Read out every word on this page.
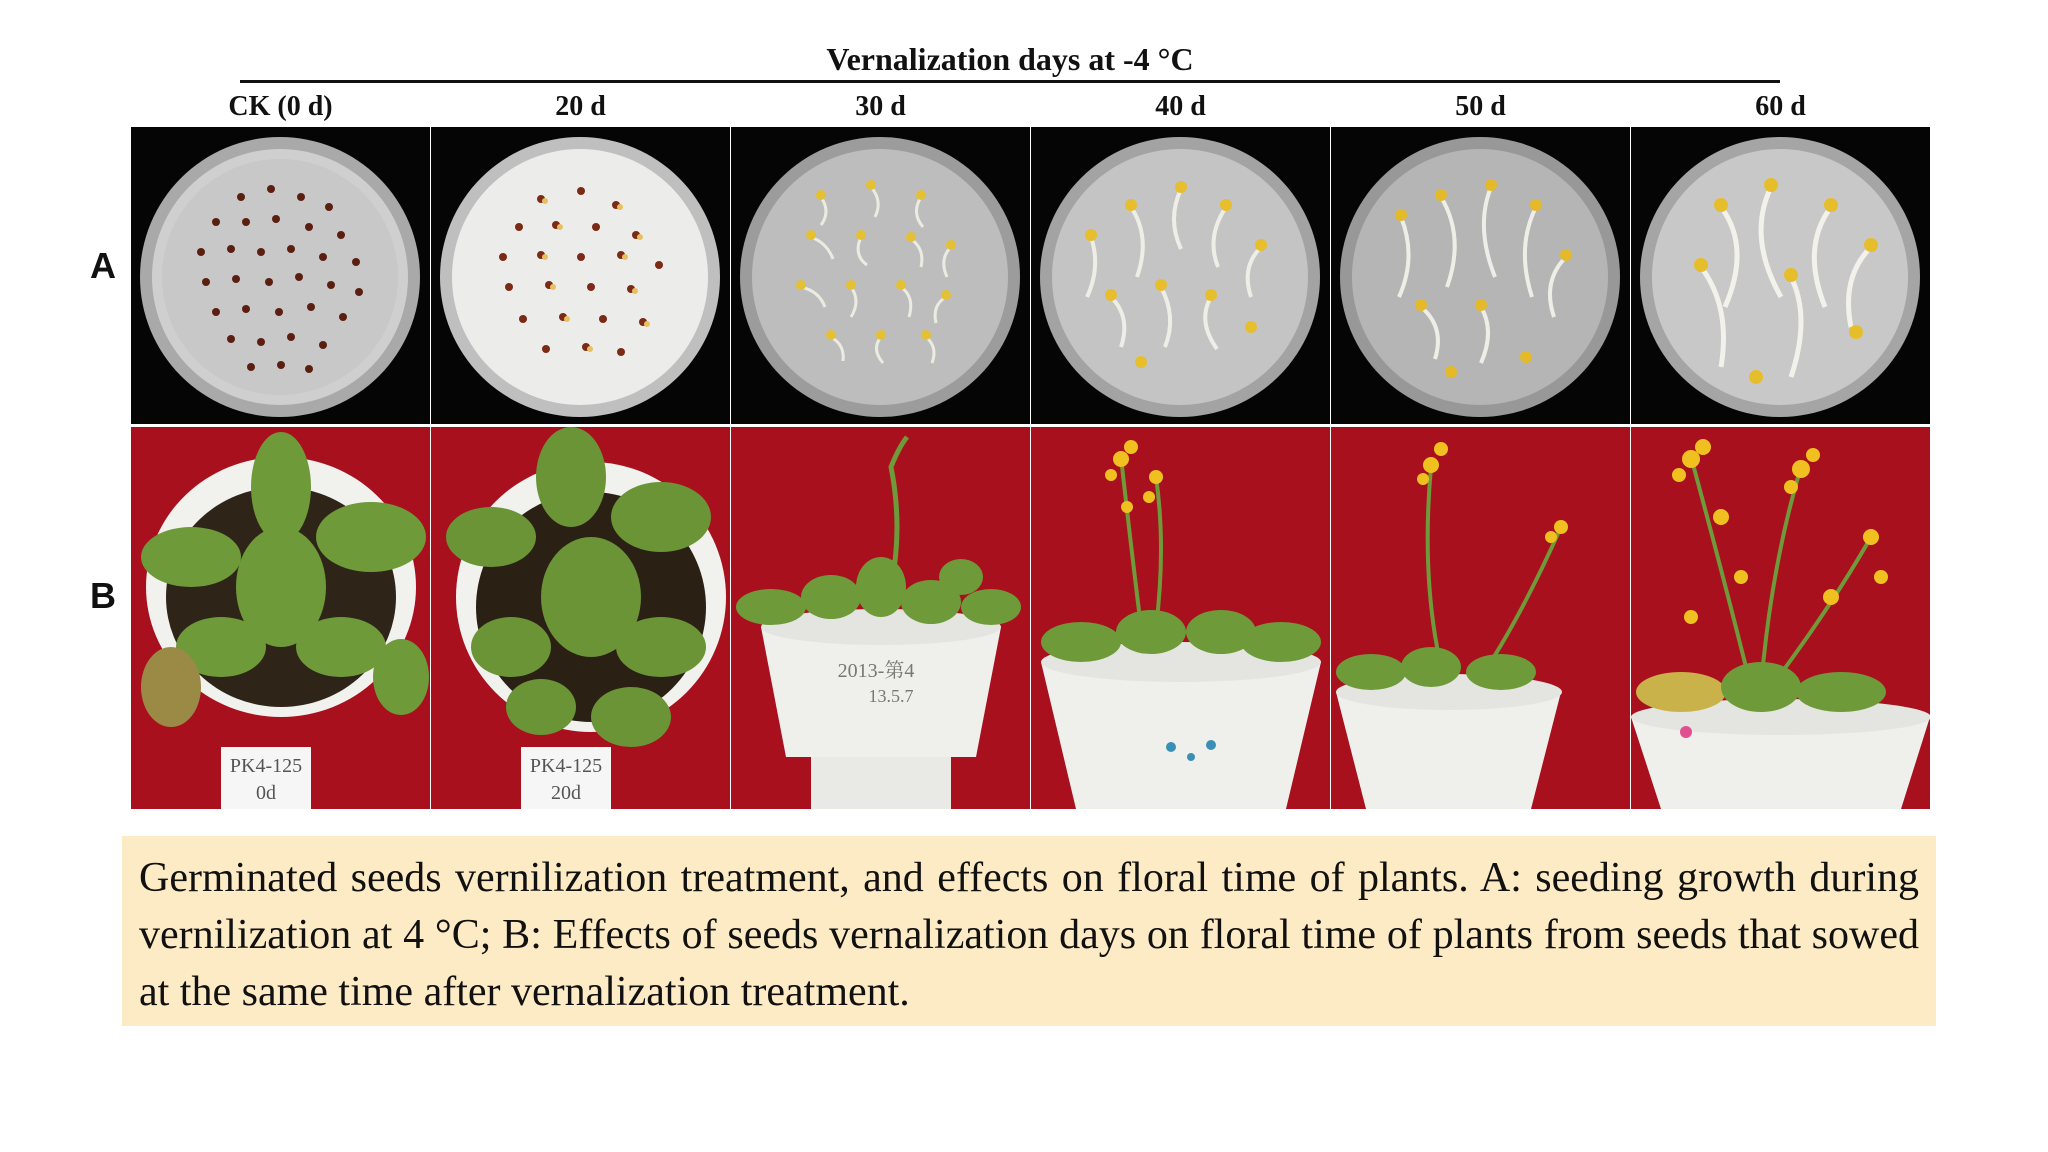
Vernalization days at -4 °C
CK (0 d)	20 d	30 d	40 d	50 d	60 d
A
B
PK4-125
0d
PK4-125
20d
2013-第4
13.5.7

Germinated seeds vernilization treatment, and effects on floral time of plants. A: seeding growth during vernilization at 4 °C; B: Effects of seeds vernalization days on floral time of plants from seeds that sowed at the same time after vernalization treatment.
